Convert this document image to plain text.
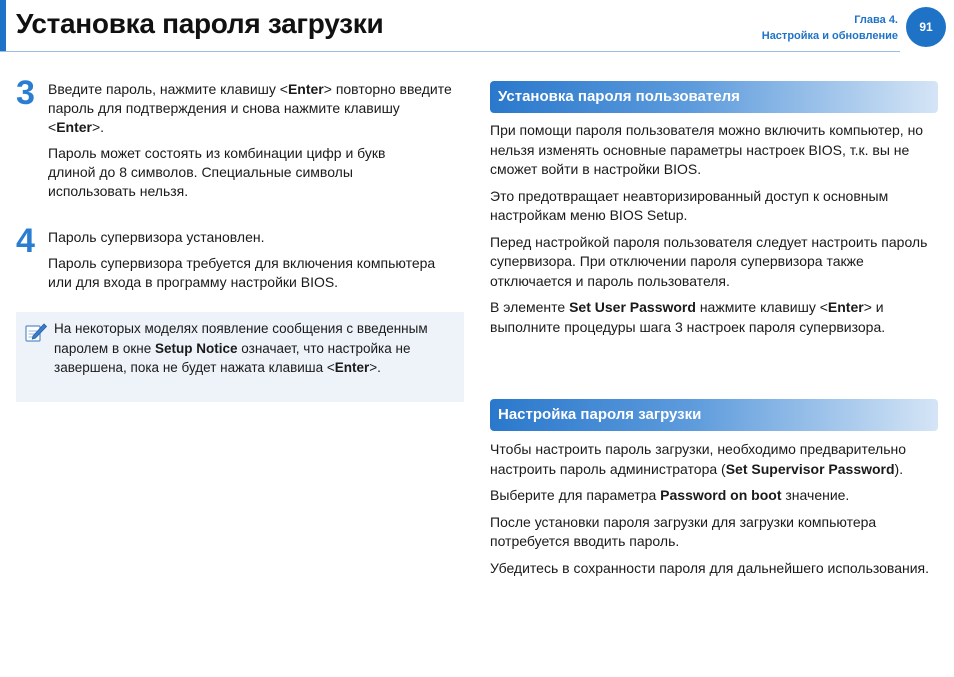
Установка пароля загрузки	Глава 4.
Настройка и обновление
91
3 Введите пароль, нажмите клавишу <Enter> повторно введите пароль для подтверждения и снова нажмите клавишу <Enter>.

Пароль может состоять из комбинации цифр и букв длиной до 8 символов. Специальные символы использовать нельзя.

4 Пароль супервизора установлен.

Пароль супервизора требуется для включения компьютера или для входа в программу настройки BIOS.

На некоторых моделях появление сообщения с введенным паролем в окне Setup Notice означает, что настройка не завершена, пока не будет нажата клавиша <Enter>.
Установка пароля пользователя

При помощи пароля пользователя можно включить компьютер, но нельзя изменять основные параметры настроек BIOS, т.к. вы не сможет войти в настройки BIOS.

Это предотвращает неавторизированный доступ к основным настройкам меню BIOS Setup.

Перед настройкой пароля пользователя следует настроить пароль супервизора. При отключении пароля супервизора также отключается и пароль пользователя.

В элементе Set User Password нажмите клавишу <Enter> и выполните процедуры шага 3 настроек пароля супервизора.

Настройка пароля загрузки

Чтобы настроить пароль загрузки, необходимо предварительно настроить пароль администратора (Set Supervisor Password).

Выберите для параметра Password on boot значение.

После установки пароля загрузки для загрузки компьютера потребуется вводить пароль.

Убедитесь в сохранности пароля для дальнейшего использования.
